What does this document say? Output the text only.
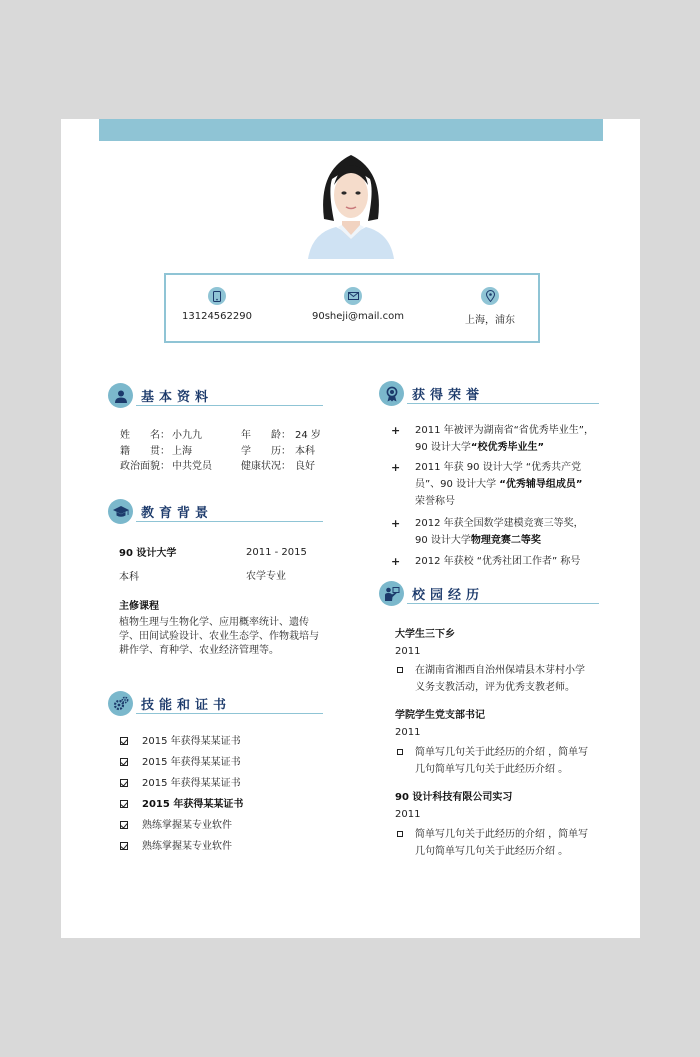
13124562290	90sheji@mail.com	上海，浦东
基本资料
姓　　名： 小九九	年　　龄： 24 岁
籍　　贯： 上海	学　　历： 本科
政治面貌： 中共党员	健康状况： 良好
教育背景
90 设计大学	2011 - 2015
本科	农学专业
主修课程
植物生理与生物化学、应用概率统计、遗传学、田间试验设计、农业生态学、作物栽培与耕作学、育种学、农业经济管理等。
技能和证书
2015 年获得某某证书
2015 年获得某某证书
2015 年获得某某证书
2015 年获得某某证书
熟练掌握某专业软件
熟练掌握某专业软件
获得荣誉
+	2011 年被评为湖南省“省优秀毕业生”，
90 设计大学“校优秀毕业生”
+	2011 年获 90 设计大学 “优秀共产党员”、90 设计大学 “优秀辅导组成员”
荣誉称号
+	2012 年获全国数学建模竞赛三等奖，
90 设计大学物理竞赛二等奖
+	2012 年获校 “优秀社团工作者” 称号
校园经历
大学生三下乡
2011
在湖南省湘西自治州保靖县木芽村小学义务支教活动，评为优秀支教老师。
学院学生党支部书记
2011
简单写几句关于此经历的介绍 ，简单写几句简单写几句关于此经历介绍 。
90 设计科技有限公司实习
2011
简单写几句关于此经历的介绍 ，简单写几句简单写几句关于此经历介绍 。
